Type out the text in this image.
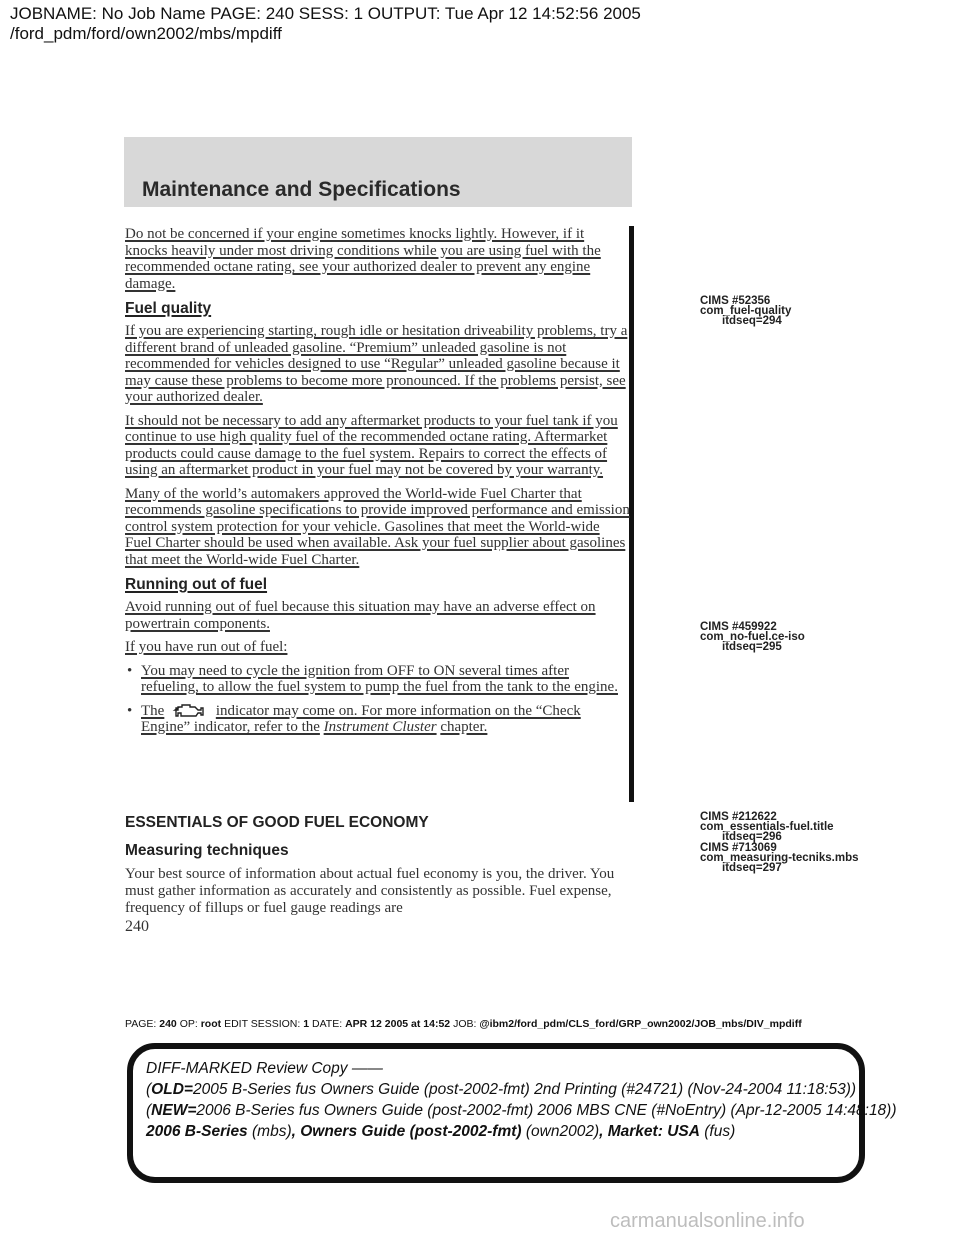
JOBNAME: No Job Name PAGE: 240 SESS: 1 OUTPUT: Tue Apr 12 14:52:56 2005
/ford_pdm/ford/own2002/mbs/mpdiff
Maintenance and Specifications

Do not be concerned if your engine sometimes knocks lightly. However, if it knocks heavily under most driving conditions while you are using fuel with the recommended octane rating, see your authorized dealer to prevent any engine damage.

Fuel quality

If you are experiencing starting, rough idle or hesitation driveability problems, try a different brand of unleaded gasoline. “Premium” unleaded gasoline is not recommended for vehicles designed to use “Regular” unleaded gasoline because it may cause these problems to become more pronounced. If the problems persist, see your authorized dealer.

It should not be necessary to add any aftermarket products to your fuel tank if you continue to use high quality fuel of the recommended octane rating. Aftermarket products could cause damage to the fuel system. Repairs to correct the effects of using an aftermarket product in your fuel may not be covered by your warranty.

Many of the world’s automakers approved the World-wide Fuel Charter that recommends gasoline specifications to provide improved performance and emission control system protection for your vehicle. Gasolines that meet the World-wide Fuel Charter should be used when available. Ask your fuel supplier about gasolines that meet the World-wide Fuel Charter.

Running out of fuel

Avoid running out of fuel because this situation may have an adverse effect on powertrain components.

If you have run out of fuel:

• You may need to cycle the ignition from OFF to ON several times after refueling, to allow the fuel system to pump the fuel from the tank to the engine.

• The	indicator may come on. For more information on the “Check Engine” indicator, refer to the Instrument Cluster chapter.

CIMS #52356
com_fuel-quality
itdseq=294
CIMS #459922
com_no-fuel.ce-iso
itdseq=295
CIMS #212622
com_essentials-fuel.title
itdseq=296
CIMS #713069
com_measuring-tecniks.mbs
itdseq=297
ESSENTIALS OF GOOD FUEL ECONOMY
Measuring techniques

Your best source of information about actual fuel economy is you, the driver. You must gather information as accurately and consistently as possible. Fuel expense, frequency of fillups or fuel gauge readings are

240
PAGE: 240 OP: root EDIT SESSION: 1 DATE: APR 12 2005 at 14:52 JOB: @ibm2/ford_pdm/CLS_ford/GRP_own2002/JOB_mbs/DIV_mpdiff
DIFF-MARKED Review Copy ——
(OLD=2005 B-Series fus Owners Guide (post-2002-fmt) 2nd Printing (#24721) (Nov-24-2004 11:18:53))
(NEW=2006 B-Series fus Owners Guide (post-2002-fmt) 2006 MBS CNE (#NoEntry) (Apr-12-2005 14:48:18))
2006 B-Series (mbs), Owners Guide (post-2002-fmt) (own2002), Market: USA (fus)
carmanualsonline.info
